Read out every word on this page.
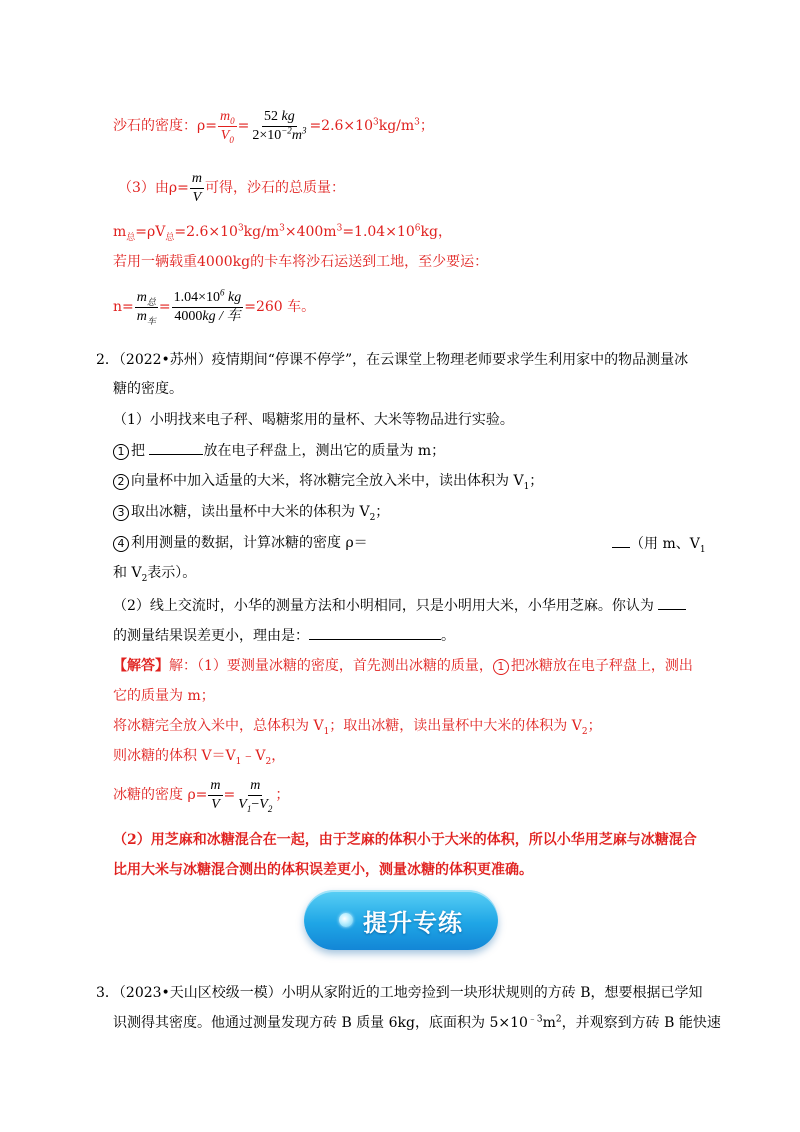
沙石的密度：$\rho= \frac{m_0}{V_0} = \frac{52 kg}{2\times 10^{-2}m^3} =2.6\times 10^3kg/m^3$；
（3）由$\rho= \frac{m}{V}$ 可得，沙石的总质量：
$m_总=\rho V_总=2.6\times 10^3kg/m^3\times 400m^3=1.04\times 10^6kg$，
若用一辆载重4000kg的卡车将沙石运送到工地，至少要运：
$n= \frac{m_总}{m_车} = \frac{1.04\times 10^6 kg}{\text{4000kg / 车}} =260$ 车。
2．（2022•苏州）疫情期间“停课不停学”，在云课堂上物理老师要求学生利用家中的物品测量冰
糖的密度。
（1）小明找来电子秤、喝糖浆用的量杯、大米等物品进行实验。
1 把	放在电子秤盘上，测出它的质量为 m；
2 向量杯中加入适量的大米，将冰糖完全放入米中，读出体积为 $V_1$；
3 取出冰糖，读出量杯中大米的体积为 $V_2$；
4 利用测量的数据，计算冰糖的密度 ρ＝	（用 m、$V_1$
和 $V_2$表示）。
（2）线上交流时，小华的测量方法和小明相同，只是小明用大米，小华用芝麻。你认为
的测量结果误差更小，理由是：	。
【解答】解：（1）要测量冰糖的密度，首先测出冰糖的质量， 1 把冰糖放在电子秤盘上，测出
它的质量为 m；
将冰糖完全放入米中，总体积为 $V_1$；取出冰糖，读出量杯中大米的体积为 $V_2$；
则冰糖的体积 $V=V_1﹣V_2$，
冰糖的密度 $\rho= \frac{m}{V} = \frac{m}{V_1-V_2}$ ；
（2）用芝麻和冰糖混合在一起，由于芝麻的体积小于大米的体积，所以小华用芝麻与冰糖混合
比用大米与冰糖混合测出的体积误差更小，测量冰糖的体积更准确。
提升专练
3．（2023•天山区校级一模）小明从家附近的工地旁捡到一块形状规则的方砖 B，想要根据已学知
识测得其密度。他通过测量发现方砖 B 质量 6kg，底面积为 $5\times 10^{﹣3}m^2$，并观察到方砖 B 能快速
